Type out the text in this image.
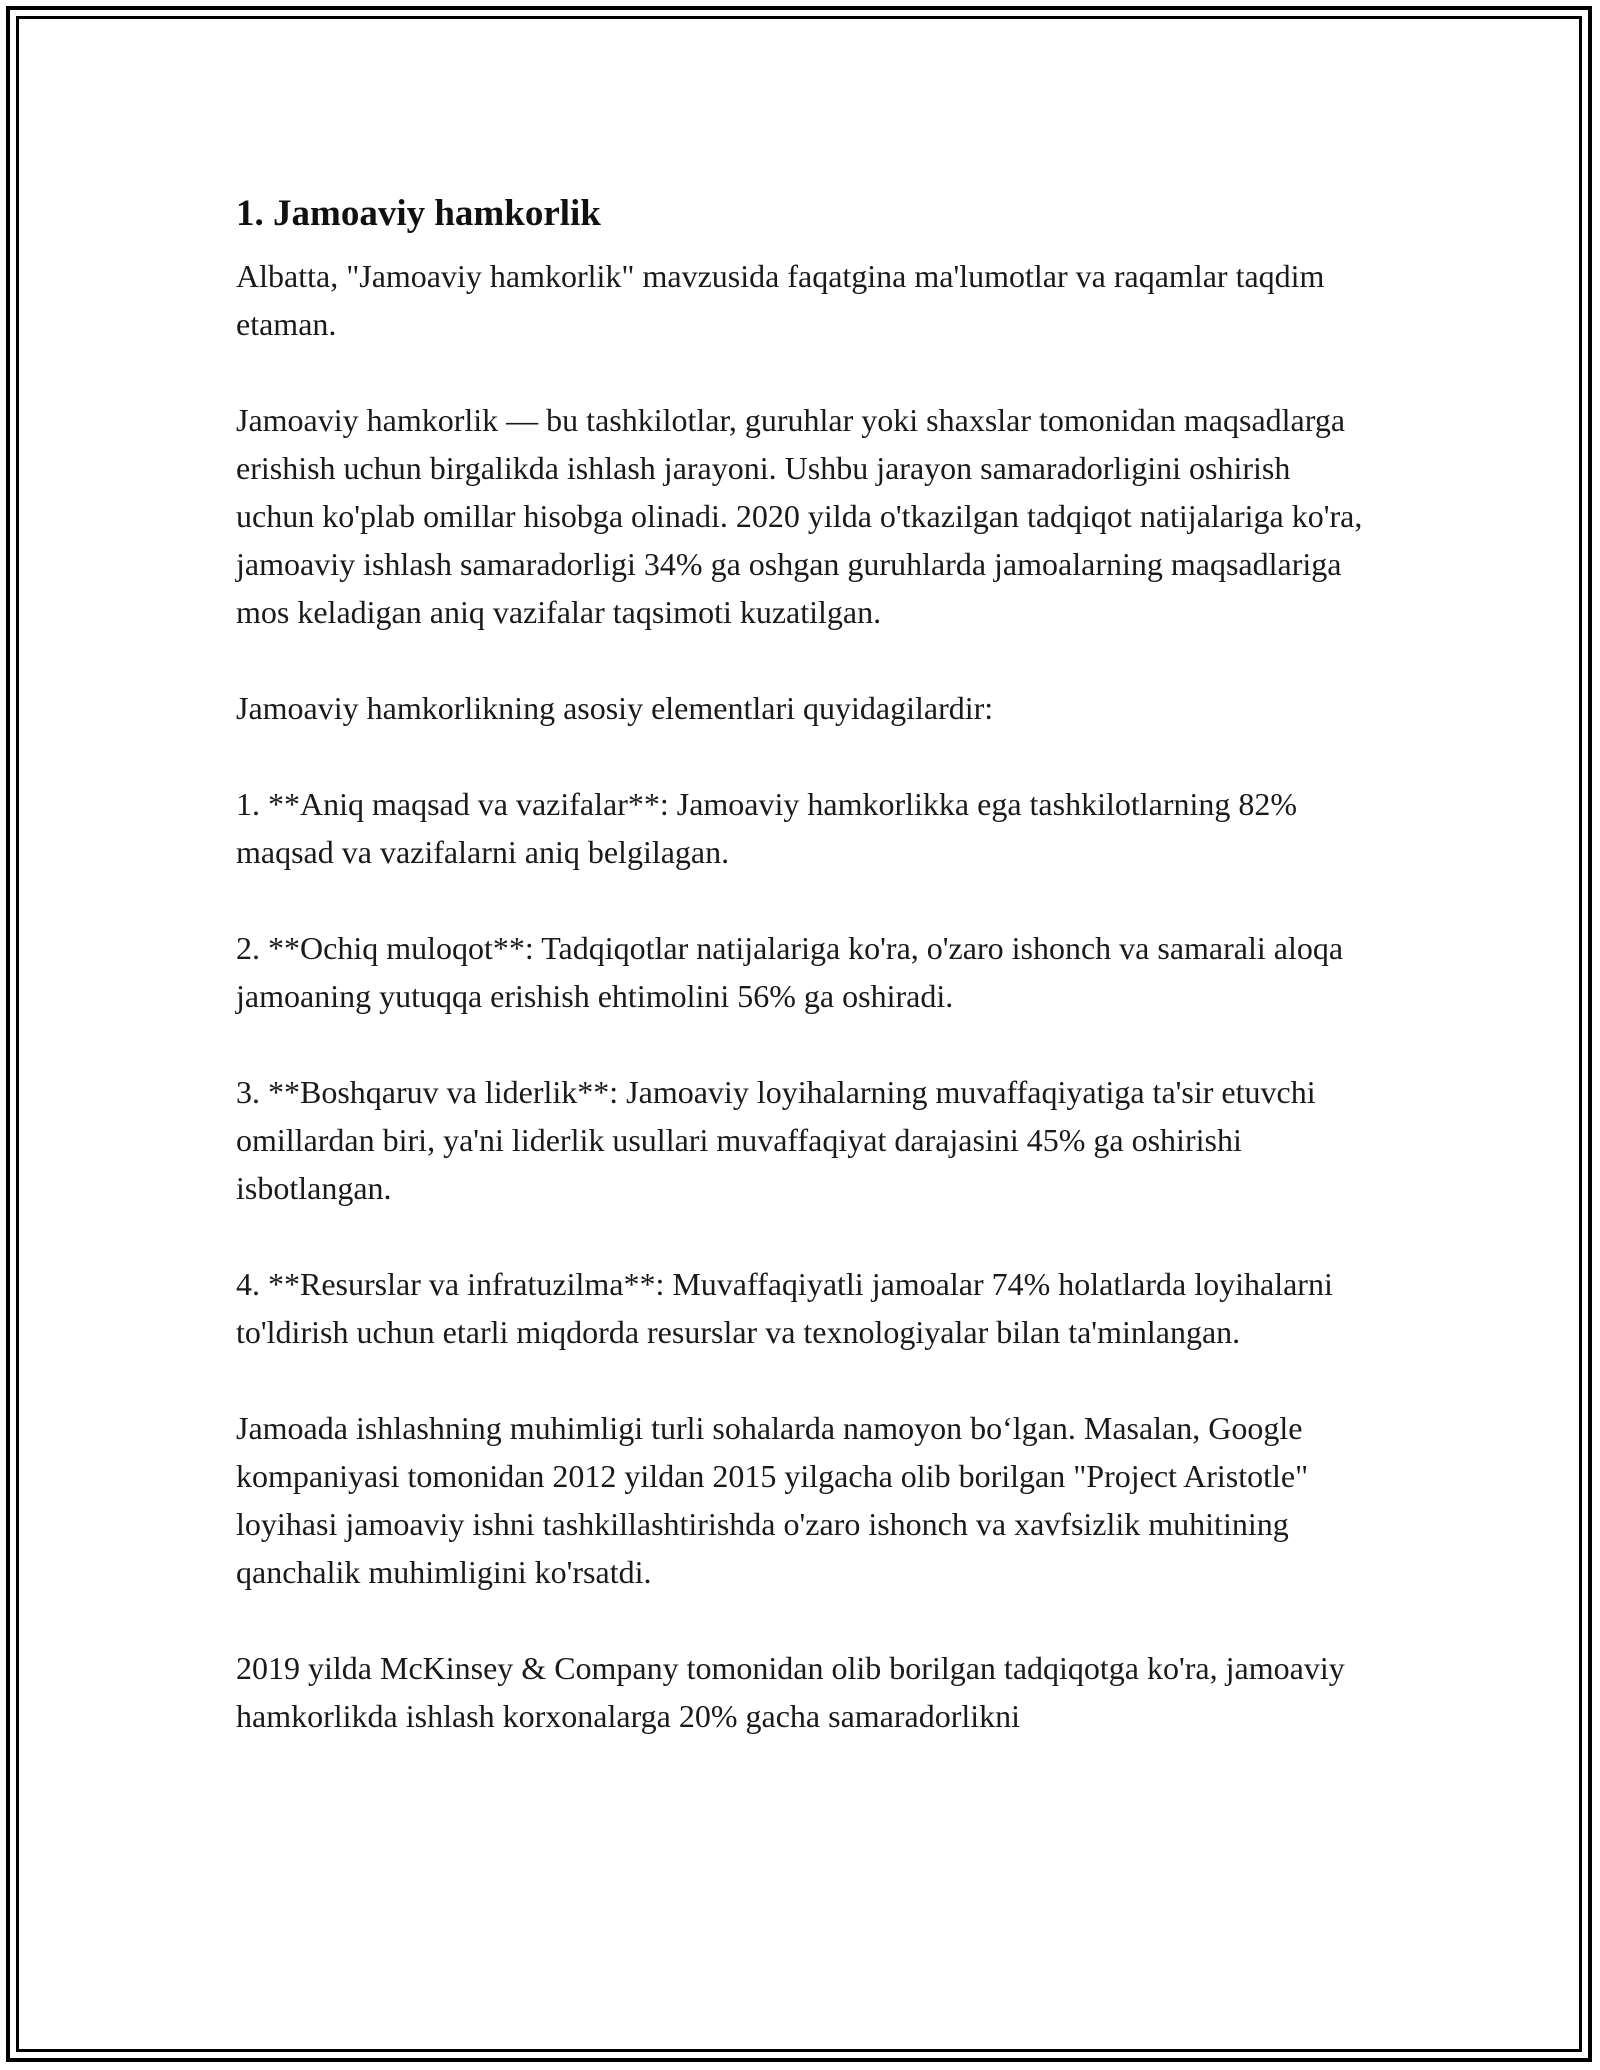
1. Jamoaviy hamkorlik

Albatta, "Jamoaviy hamkorlik" mavzusida faqatgina ma'lumotlar va raqamlar taqdim etaman.

Jamoaviy hamkorlik — bu tashkilotlar, guruhlar yoki shaxslar tomonidan maqsadlarga erishish uchun birgalikda ishlash jarayoni. Ushbu jarayon samaradorligini oshirish uchun ko'plab omillar hisobga olinadi. 2020 yilda o'tkazilgan tadqiqot natijalariga ko'ra, jamoaviy ishlash samaradorligi 34% ga oshgan guruhlarda jamoalarning maqsadlariga mos keladigan aniq vazifalar taqsimoti kuzatilgan.

Jamoaviy hamkorlikning asosiy elementlari quyidagilardir:

1. **Aniq maqsad va vazifalar**: Jamoaviy hamkorlikka ega tashkilotlarning 82% maqsad va vazifalarni aniq belgilagan.

2. **Ochiq muloqot**: Tadqiqotlar natijalariga ko'ra, o'zaro ishonch va samarali aloqa jamoaning yutuqqa erishish ehtimolini 56% ga oshiradi.

3. **Boshqaruv va liderlik**: Jamoaviy loyihalarning muvaffaqiyatiga ta'sir etuvchi omillardan biri, ya'ni liderlik usullari muvaffaqiyat darajasini 45% ga oshirishi isbotlangan.

4. **Resurslar va infratuzilma**: Muvaffaqiyatli jamoalar 74% holatlarda loyihalarni to'ldirish uchun etarli miqdorda resurslar va texnologiyalar bilan ta'minlangan.

Jamoada ishlashning muhimligi turli sohalarda namoyon bo‘lgan. Masalan, Google kompaniyasi tomonidan 2012 yildan 2015 yilgacha olib borilgan "Project Aristotle" loyihasi jamoaviy ishni tashkillashtirishda o'zaro ishonch va xavfsizlik muhitining qanchalik muhimligini ko'rsatdi.

2019 yilda McKinsey & Company tomonidan olib borilgan tadqiqotga ko'ra, jamoaviy hamkorlikda ishlash korxonalarga 20% gacha samaradorlikni
